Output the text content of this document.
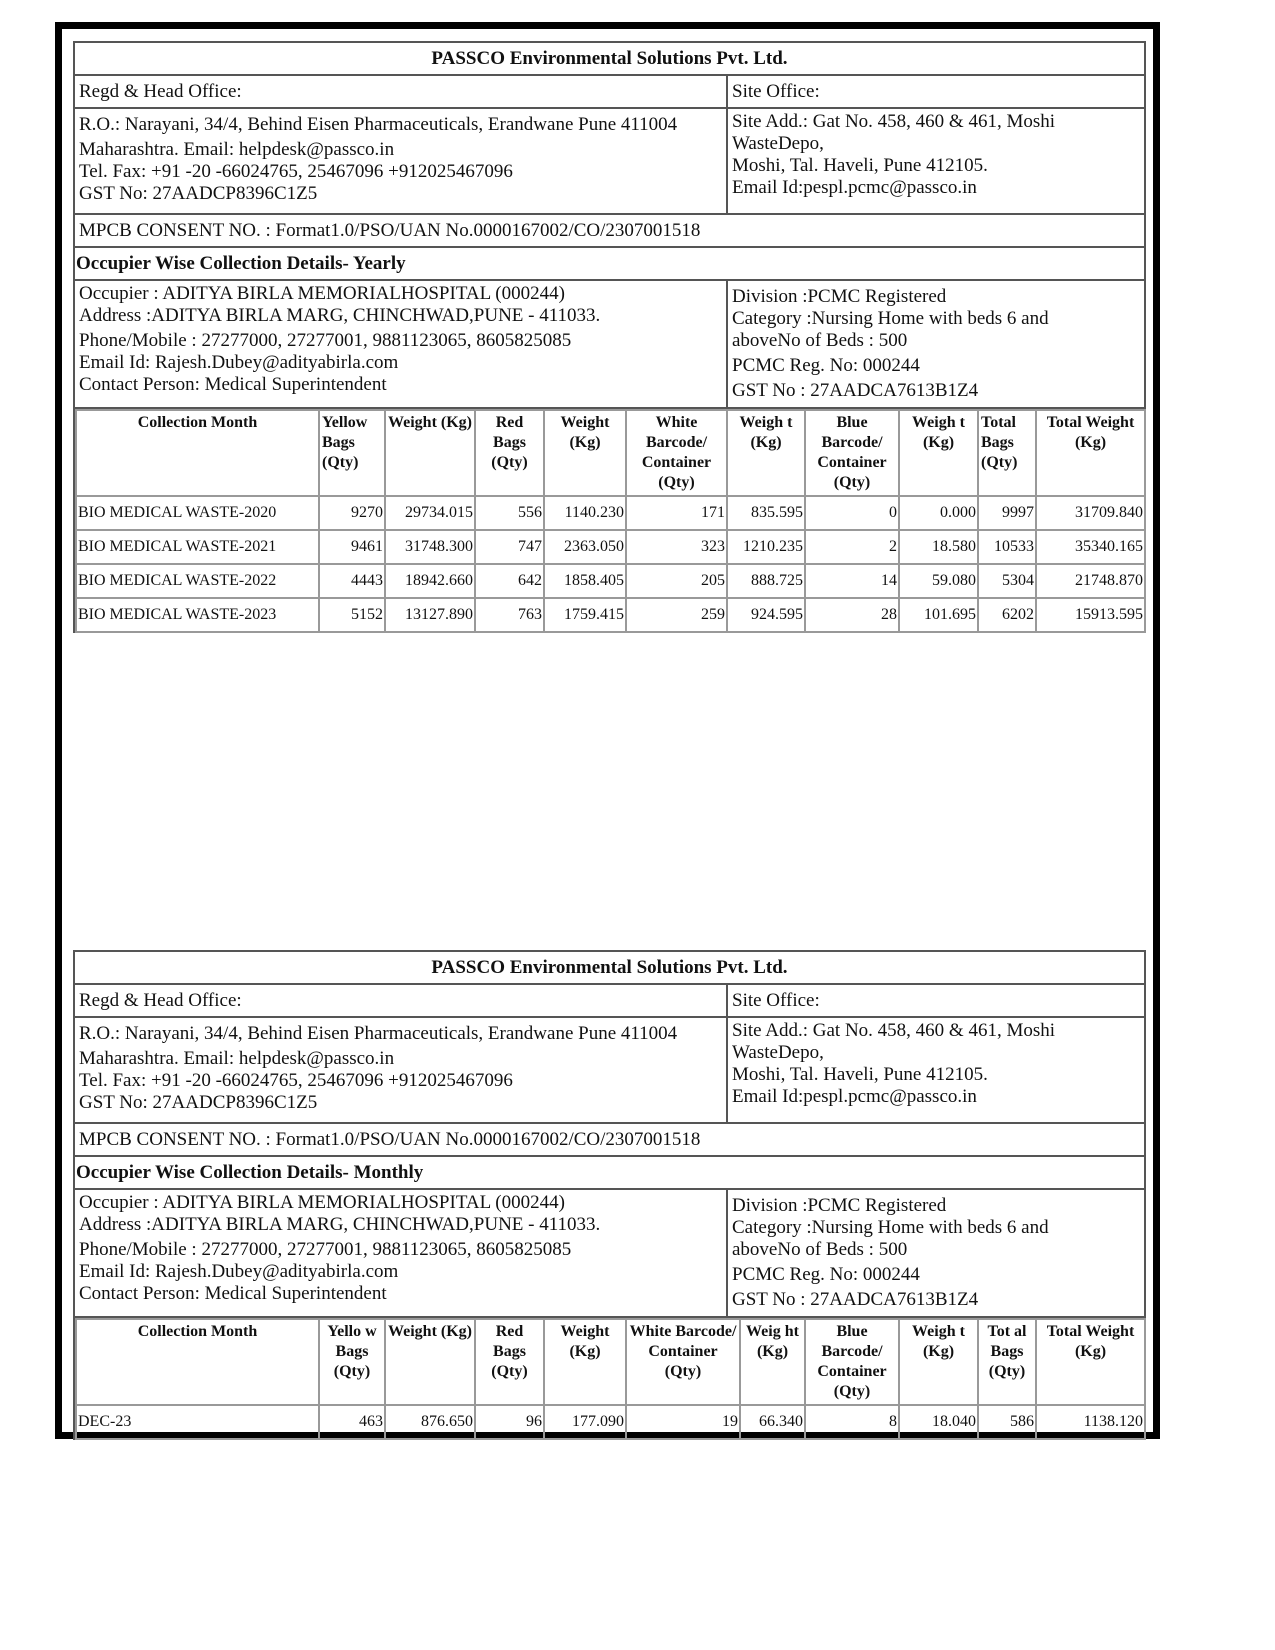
PASSCO Environmental Solutions Pvt. Ltd.
Regd & Head Office:	Site Office:
R.O.: Narayani, 34/4, Behind Eisen Pharmaceuticals, Erandwane Pune 411004
Maharashtra. Email: helpdesk@passco.in
Tel. Fax: +91 -20 -66024765, 25467096 +912025467096
GST No: 27AADCP8396C1Z5
Site Add.: Gat No. 458, 460 & 461, Moshi
WasteDepo,
Moshi, Tal. Haveli, Pune 412105.
Email Id:pespl.pcmc@passco.in
MPCB CONSENT NO. : Format1.0/PSO/UAN No.0000167002/CO/2307001518
Occupier Wise Collection Details- Yearly
Occupier : ADITYA BIRLA MEMORIALHOSPITAL (000244)
Address :ADITYA BIRLA MARG, CHINCHWAD,PUNE - 411033.
Phone/Mobile : 27277000, 27277001, 9881123065, 8605825085
Email Id: Rajesh.Dubey@adityabirla.com
Contact Person: Medical Superintendent
Division :PCMC Registered
Category :Nursing Home with beds 6 and
aboveNo of Beds : 500
PCMC Reg. No: 000244
GST No : 27AADCA7613B1Z4
Collection Month	Yellow Bags (Qty)	Weight (Kg)	Red Bags (Qty)	Weight (Kg)	White Barcode/ Container (Qty)	Weigh t (Kg)	Blue Barcode/ Container (Qty)	Weigh t (Kg)	Total Bags (Qty)	Total Weight (Kg)
BIO MEDICAL WASTE-2020	9270	29734.015	556	1140.230	171	835.595	0	0.000	9997	31709.840
BIO MEDICAL WASTE-2021	9461	31748.300	747	2363.050	323	1210.235	2	18.580	10533	35340.165
BIO MEDICAL WASTE-2022	4443	18942.660	642	1858.405	205	888.725	14	59.080	5304	21748.870
BIO MEDICAL WASTE-2023	5152	13127.890	763	1759.415	259	924.595	28	101.695	6202	15913.595
PASSCO Environmental Solutions Pvt. Ltd.
Regd & Head Office:	Site Office:
R.O.: Narayani, 34/4, Behind Eisen Pharmaceuticals, Erandwane Pune 411004
Maharashtra. Email: helpdesk@passco.in
Tel. Fax: +91 -20 -66024765, 25467096 +912025467096
GST No: 27AADCP8396C1Z5
Site Add.: Gat No. 458, 460 & 461, Moshi
WasteDepo,
Moshi, Tal. Haveli, Pune 412105.
Email Id:pespl.pcmc@passco.in
MPCB CONSENT NO. : Format1.0/PSO/UAN No.0000167002/CO/2307001518
Occupier Wise Collection Details- Monthly
Occupier : ADITYA BIRLA MEMORIALHOSPITAL (000244)
Address :ADITYA BIRLA MARG, CHINCHWAD,PUNE - 411033.
Phone/Mobile : 27277000, 27277001, 9881123065, 8605825085
Email Id: Rajesh.Dubey@adityabirla.com
Contact Person: Medical Superintendent
Division :PCMC Registered
Category :Nursing Home with beds 6 and
aboveNo of Beds : 500
PCMC Reg. No: 000244
GST No : 27AADCA7613B1Z4
Collection Month	Yello w Bags (Qty)	Weight (Kg)	Red Bags (Qty)	Weight (Kg)	White Barcode/ Container (Qty)	Weig ht (Kg)	Blue Barcode/ Container (Qty)	Weigh t (Kg)	Tot al Bags (Qty)	Total Weight (Kg)
DEC-23	463	876.650	96	177.090	19	66.340	8	18.040	586	1138.120
